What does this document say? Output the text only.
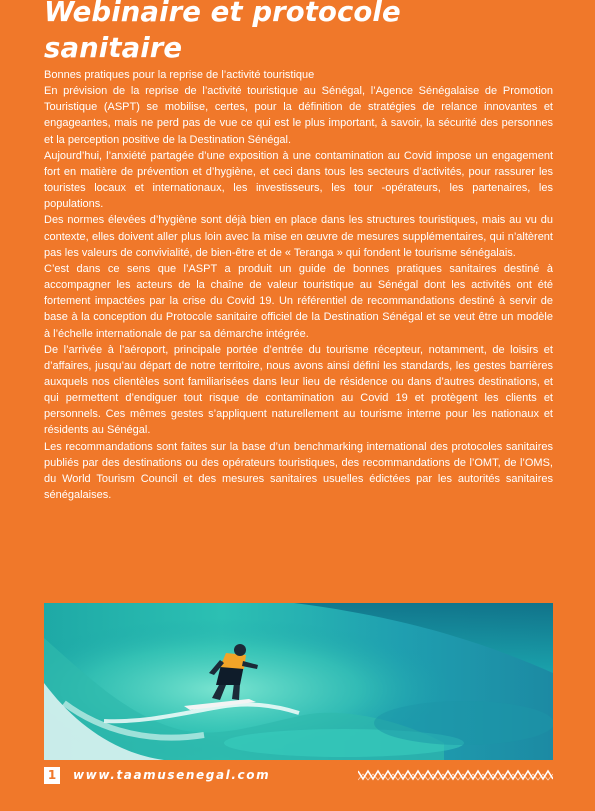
Webinaire et protocole
sanitaire

Bonnes pratiques pour la reprise de l’activité touristique

En prévision de la reprise de l’activité touristique au Sénégal, l’Agence Sénégalaise de Promotion Touristique (ASPT) se mobilise, certes, pour la définition de stratégies de relance innovantes et engageantes, mais ne perd pas de vue ce qui est le plus important, à savoir, la sécurité des personnes et la perception positive de la Destination Sénégal.

Aujourd’hui, l’anxiété partagée d’une exposition à une contamination au Covid impose un engagement fort en matière de prévention et d’hygiène, et ceci dans tous les secteurs d’activités, pour rassurer les touristes locaux et internationaux, les investisseurs, les tour -opérateurs, les partenaires, les populations.

Des normes élevées d’hygiène sont déjà bien en place dans les structures touristiques, mais au vu du contexte, elles doivent aller plus loin avec la mise en œuvre de mesures supplémentaires, qui n’altèrent pas les valeurs de convivialité, de bien-être et de « Teranga » qui fondent le tourisme sénégalais.

C’est dans ce sens que l’ASPT a produit un guide de bonnes pratiques sanitaires destiné à accompagner les acteurs de la chaîne de valeur touristique au Sénégal dont les activités ont été fortement impactées par la crise du Covid 19. Un référentiel de recommandations destiné à servir de base à la conception du Protocole sanitaire officiel de la Destination Sénégal et se veut être un modèle à l’échelle internationale de par sa démarche intégrée.

De l’arrivée à l’aéroport, principale portée d’entrée du tourisme récepteur, notamment, de loisirs et d’affaires, jusqu’au départ de notre territoire, nous avons ainsi défini les standards, les gestes barrières auxquels nos clientèles sont familiarisées dans leur lieu de résidence ou dans d’autres destinations, et qui permettent d’endiguer tout risque de contamination au Covid 19 et protègent les clients et personnels. Ces mêmes gestes s’appliquent naturellement au tourisme interne pour les nationaux et résidents au Sénégal.

Les recommandations sont faites sur la base d’un benchmarking international des protocoles sanitaires publiés par des destinations ou des opérateurs touristiques, des recommandations de l’OMT, de l’OMS, du World Tourism Council et des mesures sanitaires usuelles édictées par les autorités sanitaires sénégalaises.

1	www.taamusenegal.com
